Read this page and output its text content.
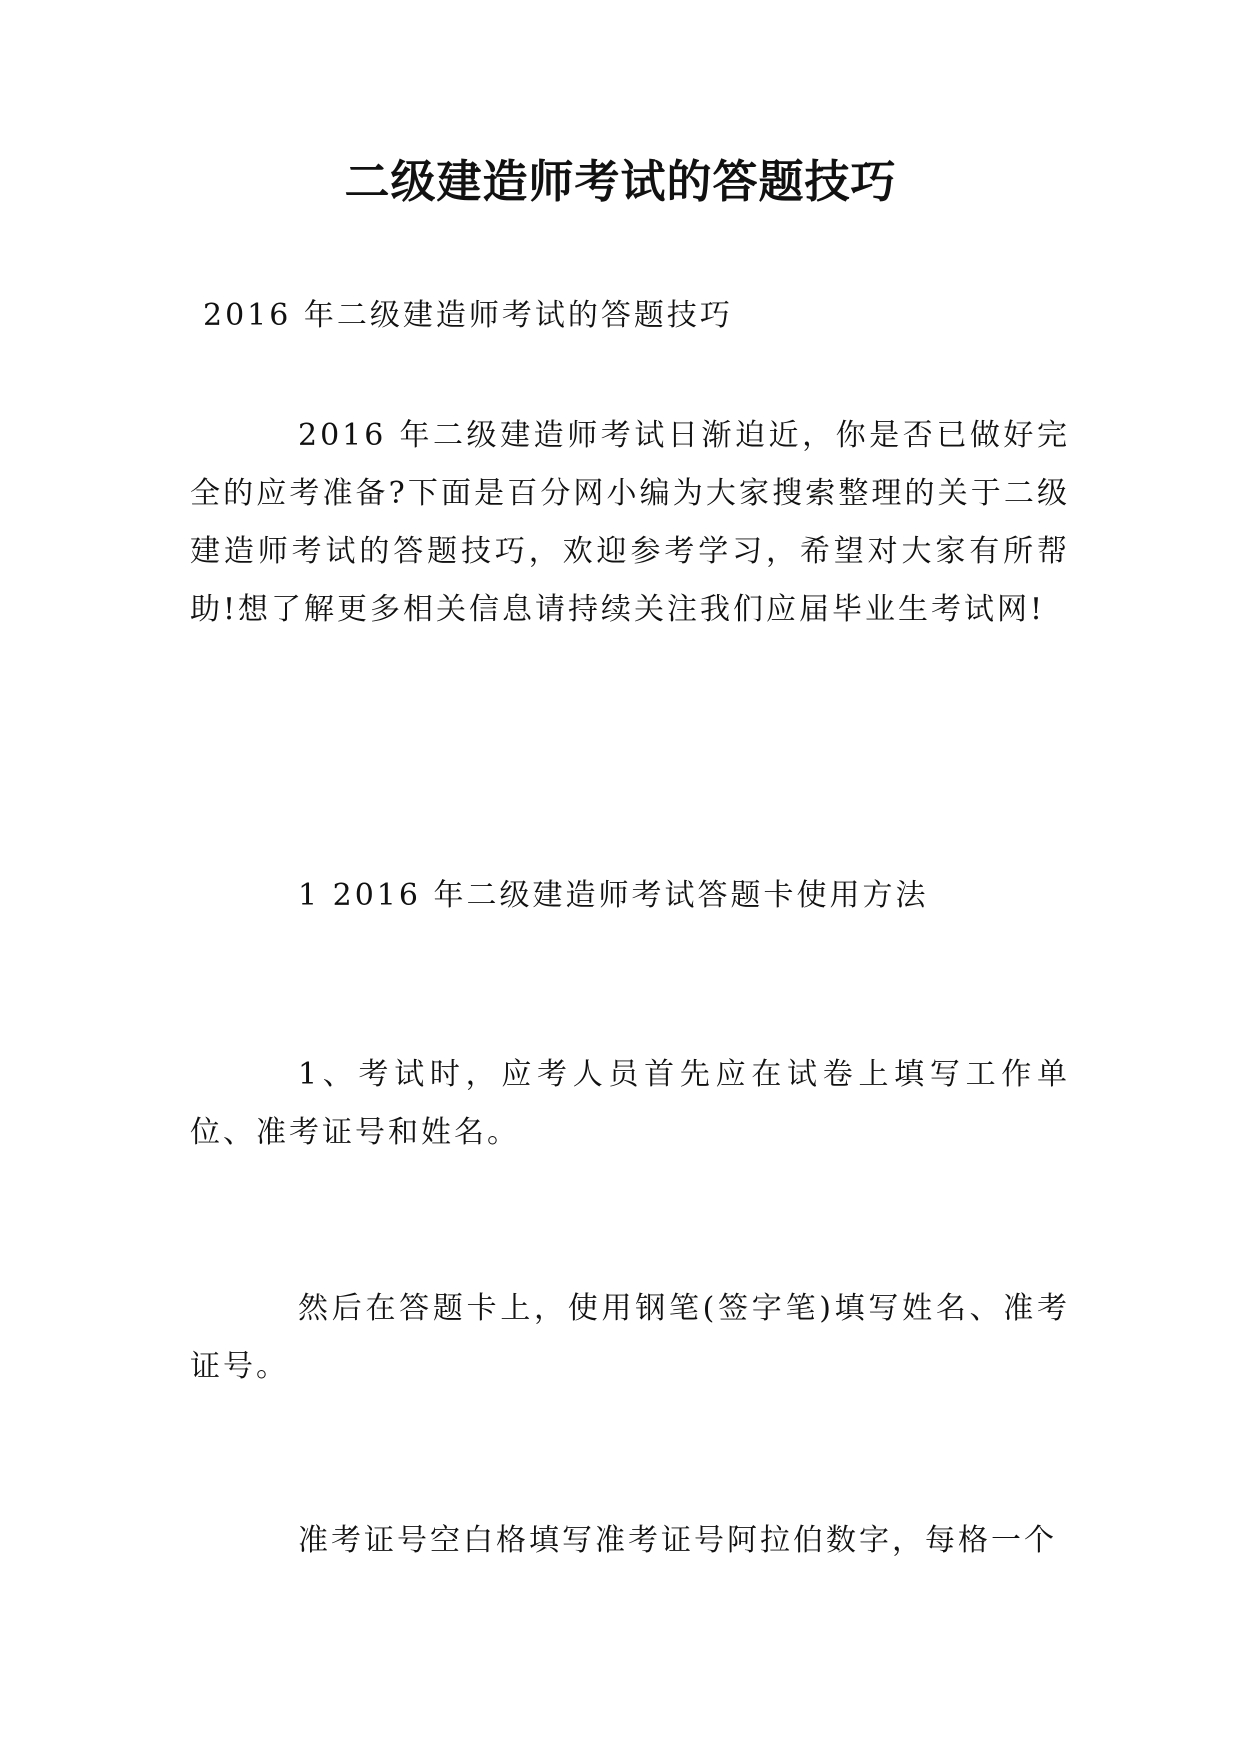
二级建造师考试的答题技巧
2016 年二级建造师考试的答题技巧
2016 年二级建造师考试日渐迫近，你是否已做好完全的应考准备?下面是百分网小编为大家搜索整理的关于二级建造师考试的答题技巧，欢迎参考学习，希望对大家有所帮助!想了解更多相关信息请持续关注我们应届毕业生考试网!
1 2016 年二级建造师考试答题卡使用方法
1、考试时，应考人员首先应在试卷上填写工作单位、准考证号和姓名。
然后在答题卡上，使用钢笔(签字笔)填写姓名、准考证号。
准考证号空白格填写准考证号阿拉伯数字，每格一个
